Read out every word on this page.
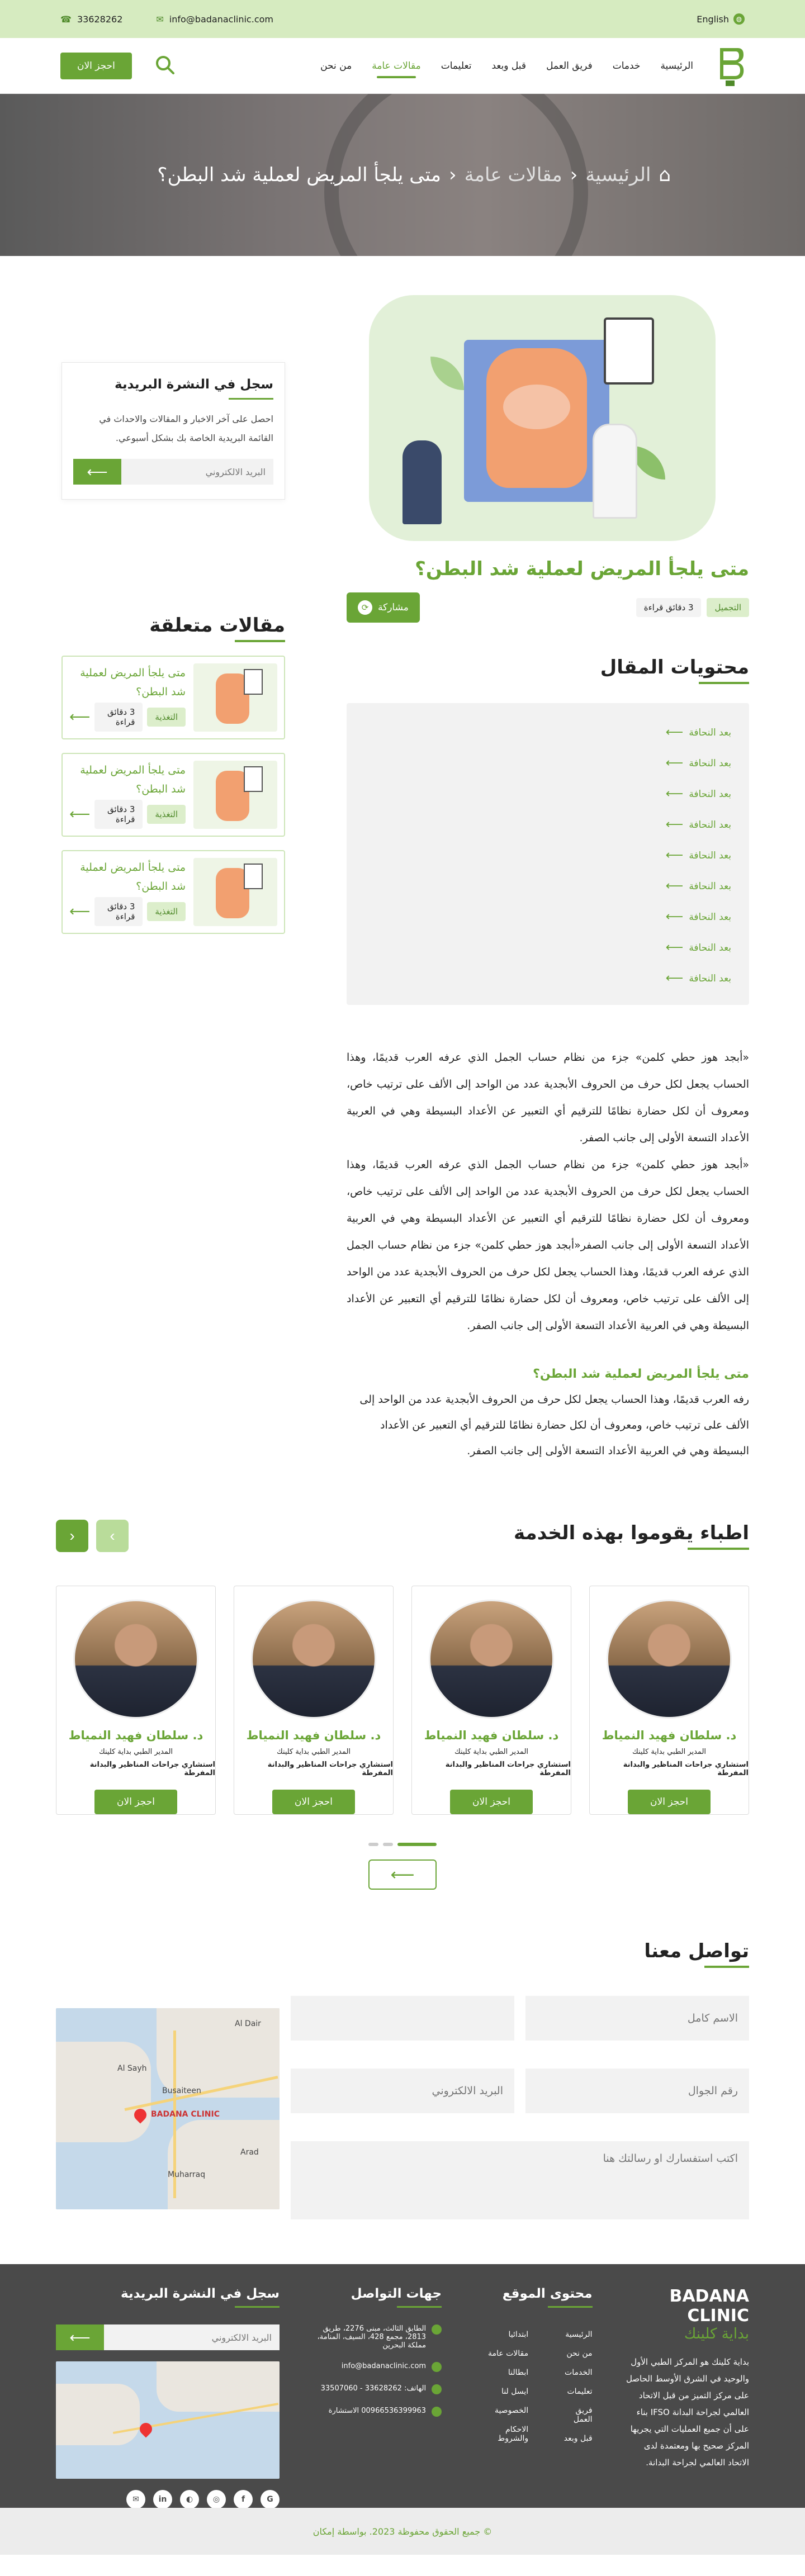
English	◍
☎ 33628262	✉ info@badanaclinic.com
الرئيسية
خدمات
فريق العمل
قبل وبعد
تعليمات
مقالات عامة
من نحن
احجز الان
⌂
الرئيسية
‹
مقالات عامة
‹
متى يلجأ المريض لعملية شد البطن؟
متى يلجأ المريض لعملية شد البطن؟
التجميل
3 دقائق قراءة
مشاركة
⟳
محتويات المقال
بعد النحافة
⟵
بعد النحافة
⟵
بعد النحافة
⟵
بعد النحافة
⟵
بعد النحافة
⟵
بعد النحافة
⟵
بعد النحافة
⟵
بعد النحافة
⟵
بعد النحافة
⟵

«أبجد هوز حطي كلمن» جزء من نظام حساب الجمل الذي عرفه العرب قديمًا، وهذا الحساب يجعل لكل حرف من الحروف الأبجدية عدد من الواحد إلى الألف على ترتيب خاص، ومعروف أن لكل حضارة نظامًا للترقيم أي التعبير عن الأعداد البسيطة وهي في العربية الأعداد التسعة الأولى إلى جانب الصفر.

«أبجد هوز حطي كلمن» جزء من نظام حساب الجمل الذي عرفه العرب قديمًا، وهذا الحساب يجعل لكل حرف من الحروف الأبجدية عدد من الواحد إلى الألف على ترتيب خاص، ومعروف أن لكل حضارة نظامًا للترقيم أي التعبير عن الأعداد البسيطة وهي في العربية الأعداد التسعة الأولى إلى جانب الصفر«أبجد هوز حطي كلمن» جزء من نظام حساب الجمل الذي عرفه العرب قديمًا، وهذا الحساب يجعل لكل حرف من الحروف الأبجدية عدد من الواحد إلى الألف على ترتيب خاص، ومعروف أن لكل حضارة نظامًا للترقيم أي التعبير عن الأعداد البسيطة وهي في العربية الأعداد التسعة الأولى إلى جانب الصفر.

متى يلجأ المريض لعملية شد البطن؟

رفه العرب قديمًا، وهذا الحساب يجعل لكل حرف من الحروف الأبجدية عدد من الواحد إلى الألف على ترتيب خاص، ومعروف أن لكل حضارة نظامًا للترقيم أي التعبير عن الأعداد البسيطة وهي في العربية الأعداد التسعة الأولى إلى جانب الصفر.

سجل في النشرة البريدية

احصل على آخر الاخبار و المقالات والاحداث في القائمة البريدية الخاصة بك بشكل أسبوعي.

البريد الالكتروني
⟵
مقالات متعلقة
متى يلجأ المريض لعملية شد البطن؟
التغذية
3 دقائق قراءة
⟵
متى يلجأ المريض لعملية شد البطن؟
التغذية
3 دقائق قراءة
⟵
متى يلجأ المريض لعملية شد البطن؟
التغذية
3 دقائق قراءة
⟵
اطباء يقوموا بهذه الخدمة
›
‹
د. سلطان فهيد النمياط
المدير الطبي بداية كلينك
استشاري جراحات المناظير والبدانة المفرطة
احجز الان
د. سلطان فهيد النمياط
المدير الطبي بداية كلينك
استشاري جراحات المناظير والبدانة المفرطة
احجز الان
د. سلطان فهيد النمياط
المدير الطبي بداية كلينك
استشاري جراحات المناظير والبدانة المفرطة
احجز الان
د. سلطان فهيد النمياط
المدير الطبي بداية كلينك
استشاري جراحات المناظير والبدانة المفرطة
احجز الان
⟵
تواصل معنا
الاسم كامل
رقم الجوال
البريد الالكتروني
اكتب استفسارك او رسالتك هنا
Al Dair
Al Sayh
Busaiteen
Muharraq
Arad
BADANA CLINIC
BADANA CLINIC
بداية كلينك

بداية كلينك هو المركز الطبي الأول والوحيد في الشرق الأوسط الحاصل على مركز التميز من قبل الاتحاد العالمي لجراحة البدانة IFSO بناء على أن جميع العمليات التي يجريها المركز صحيح بها ومعتمدة لدى الاتحاد العالمي لجراحة البدانة.

محتوى الموقع
الرئيسية
من نحن
الخدمات
تعليمات
فريق العمل
قبل وبعد
ابتدائيا
مقالات عامة
ابطالنا
ايسل لنا
الخصوصية
الاحكام والشروط
جهات التواصل
الطابق الثالث، مبنى 2276، طريق 2813، مجمع 428، السيف، المنامة، مملكة البحرين
info@badanaclinic.com
الهاتف: 33628262 - 33507060
00966536399963 الاستشارة
سجل في النشرة البريدية
البريد الالكتروني
⟵
G
f
◎
◐
in
✉
© جميع الحقوق محفوظة 2023. بواسطة إمكان
